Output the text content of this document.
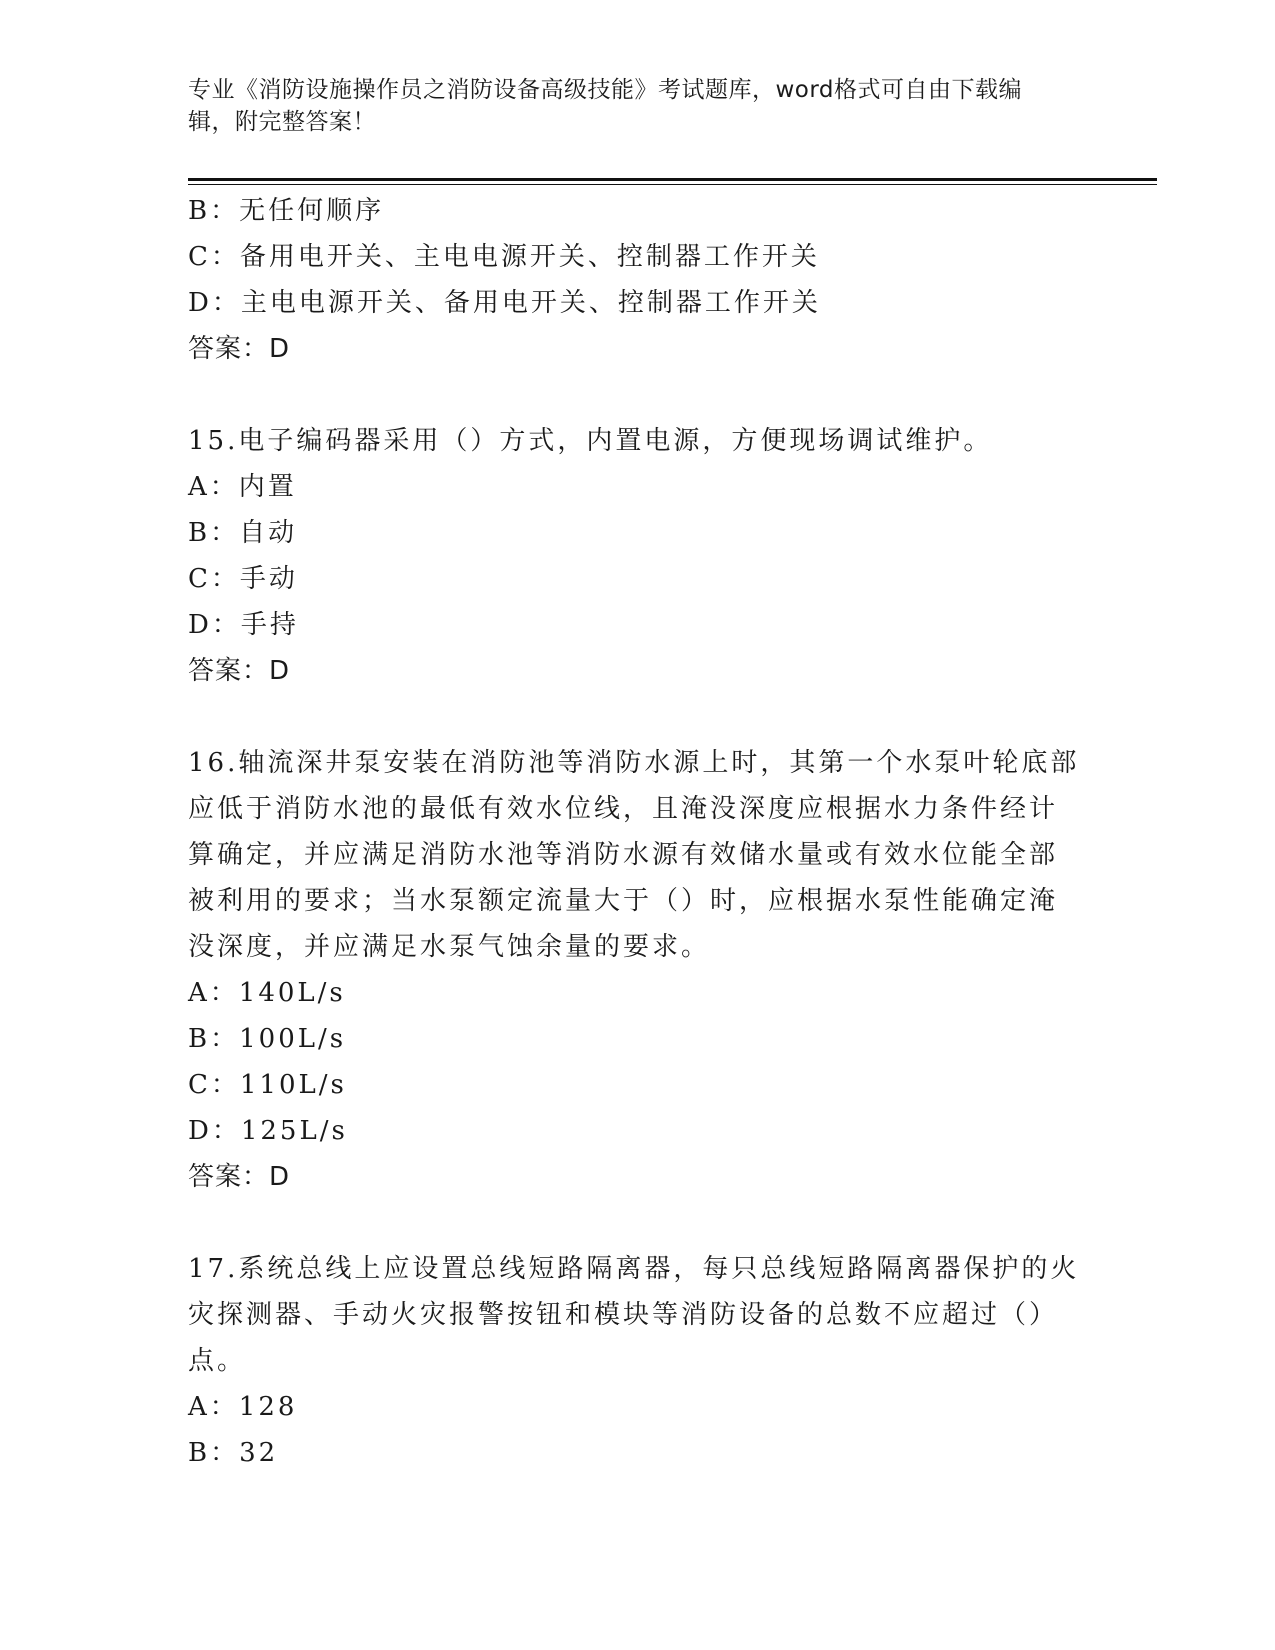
专业《消防设施操作员之消防设备高级技能》考试题库，word格式可自由下载编
辑，附完整答案！
B：无任何顺序
C：备用电开关、主电电源开关、控制器工作开关
D：主电电源开关、备用电开关、控制器工作开关
答案：D
15.电子编码器采用（）方式，内置电源，方便现场调试维护。
A：内置
B：自动
C：手动
D：手持
答案：D
16.轴流深井泵安装在消防池等消防水源上时，其第一个水泵叶轮底部
应低于消防水池的最低有效水位线，且淹没深度应根据水力条件经计
算确定，并应满足消防水池等消防水源有效储水量或有效水位能全部
被利用的要求；当水泵额定流量大于（）时，应根据水泵性能确定淹
没深度，并应满足水泵气蚀余量的要求。
A：140L/s
B：100L/s
C：110L/s
D：125L/s
答案：D
17.系统总线上应设置总线短路隔离器，每只总线短路隔离器保护的火
灾探测器、手动火灾报警按钮和模块等消防设备的总数不应超过（）
点。
A：128
B：32
